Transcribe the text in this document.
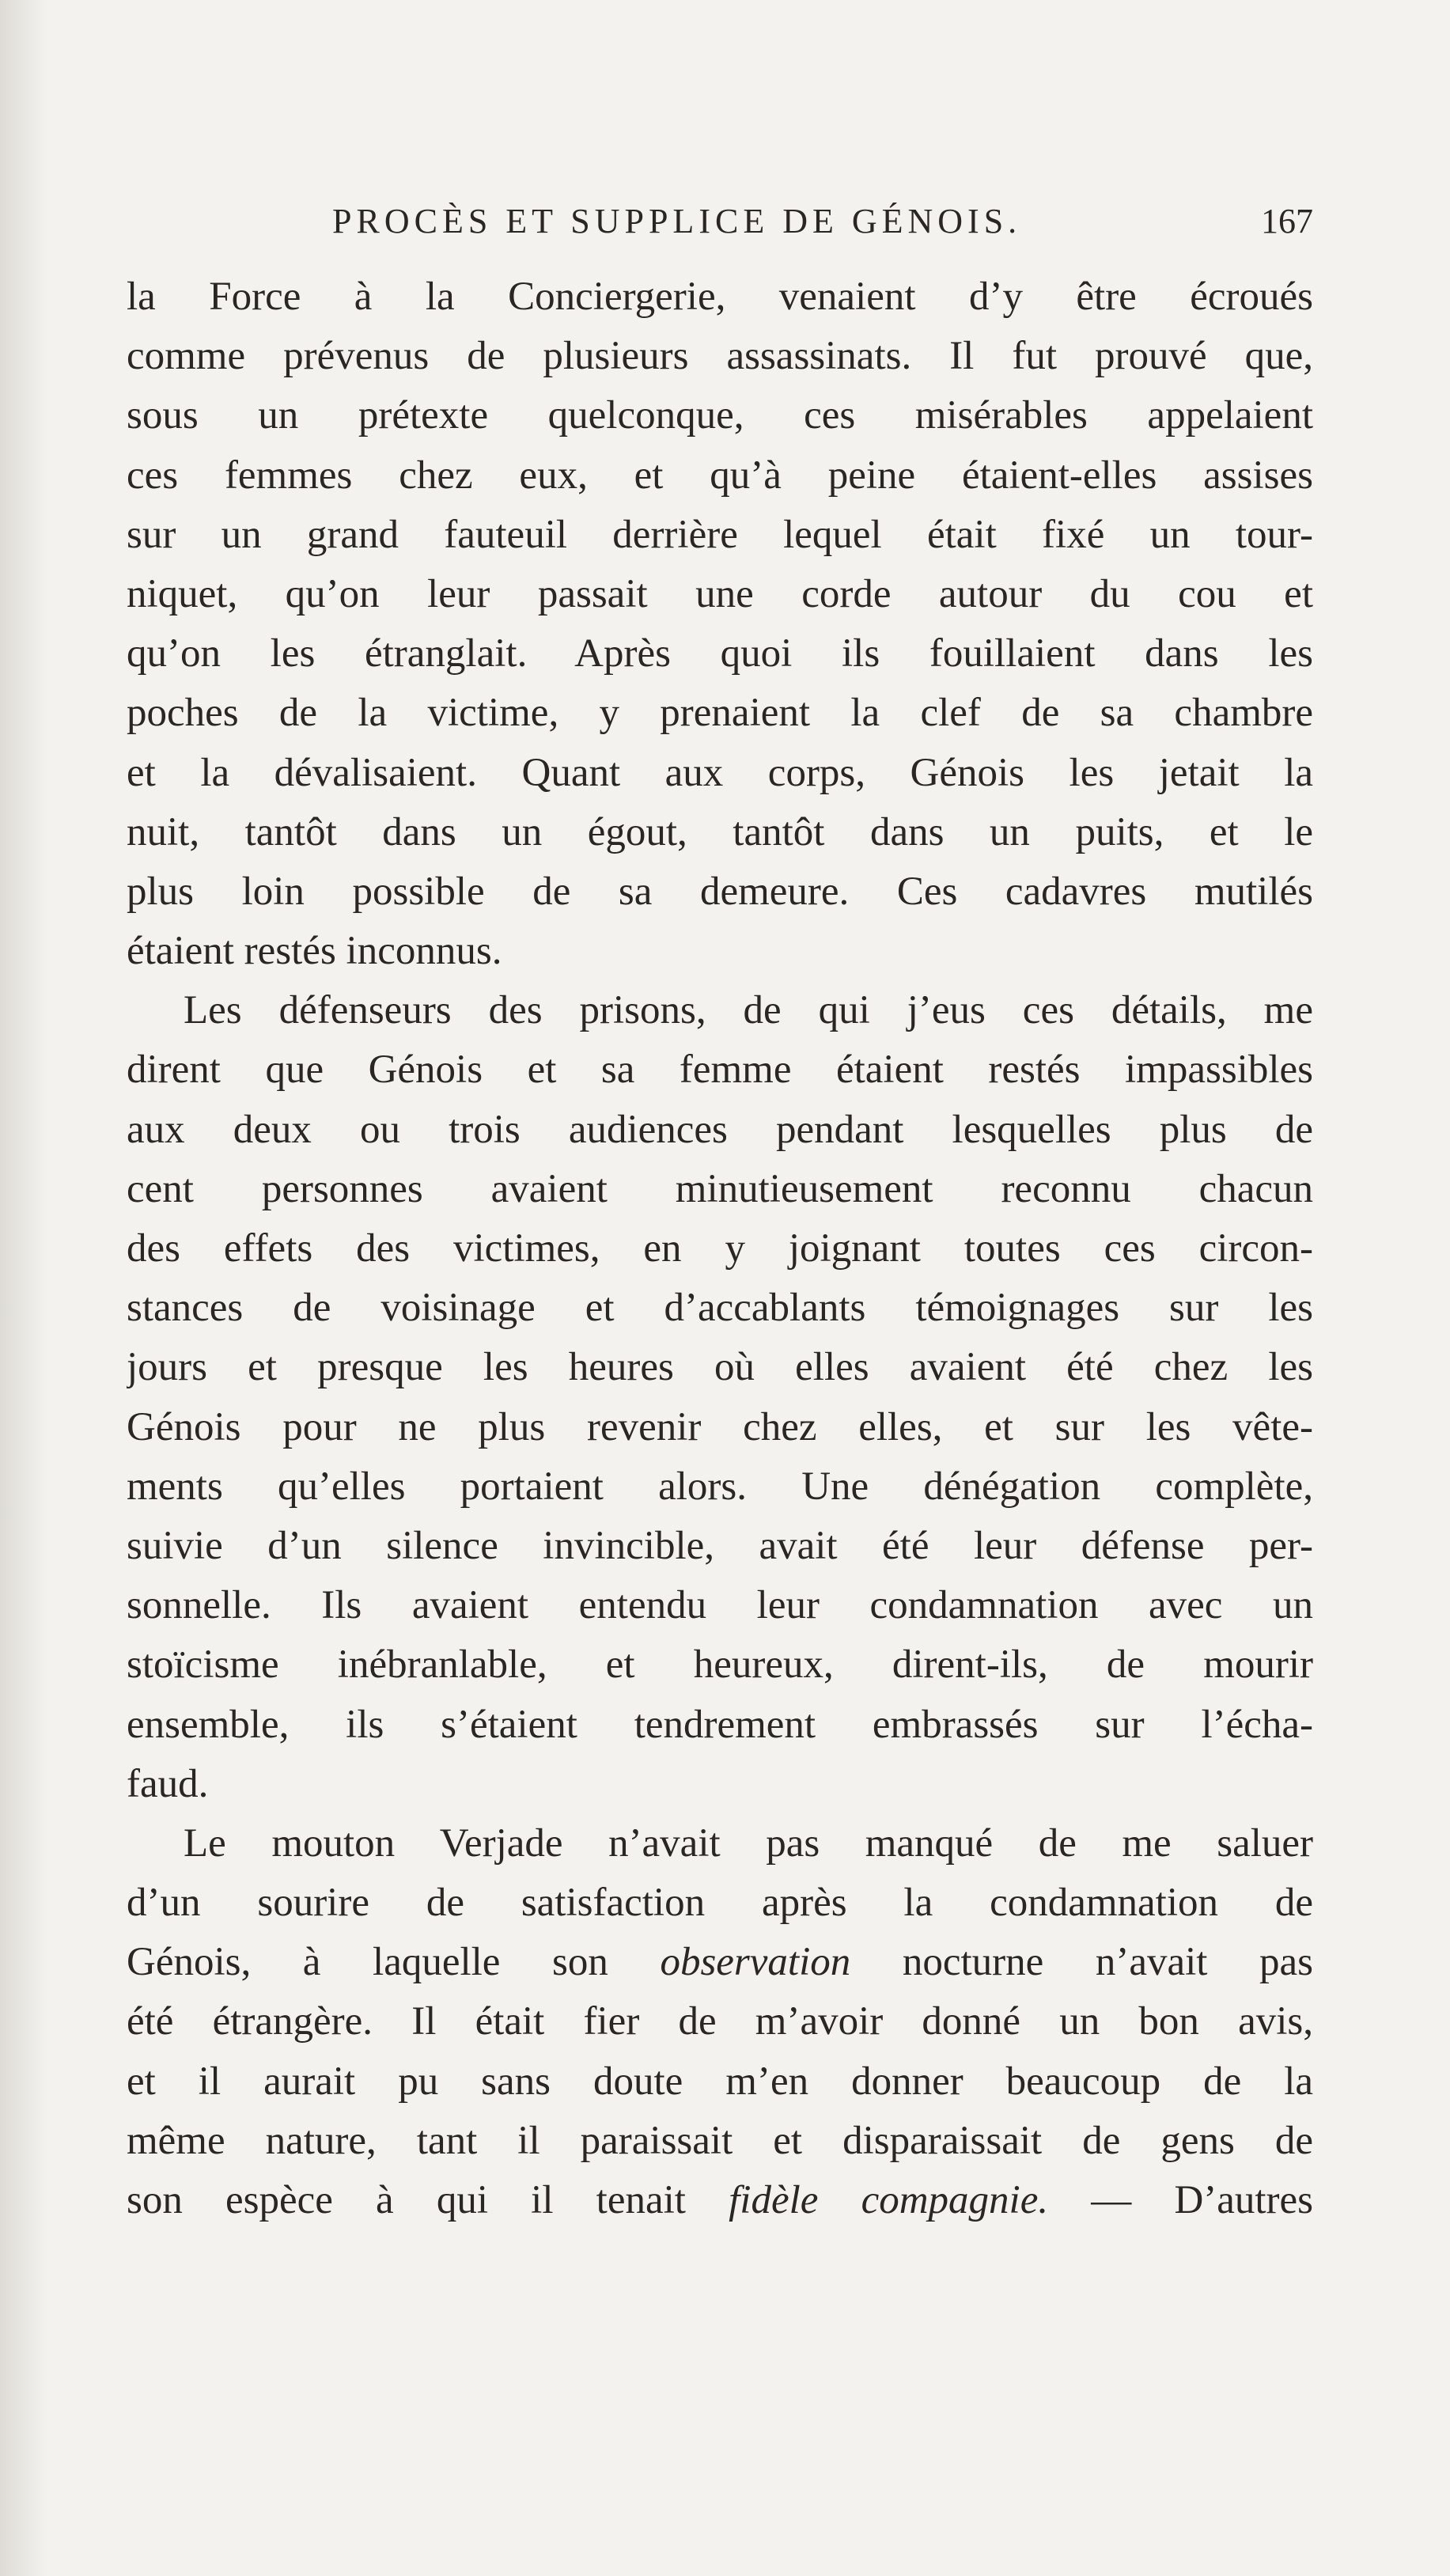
PROCÈS ET SUPPLICE DE GÉNOIS.	167
la Force à la Conciergerie, venaient d’y être écroués
comme prévenus de plusieurs assassinats. Il fut prouvé que,
sous un prétexte quelconque, ces misérables appelaient
ces femmes chez eux, et qu’à peine étaient-elles assises
sur un grand fauteuil derrière lequel était fixé un tour-
niquet, qu’on leur passait une corde autour du cou et
qu’on les étranglait. Après quoi ils fouillaient dans les
poches de la victime, y prenaient la clef de sa chambre
et la dévalisaient. Quant aux corps, Génois les jetait la
nuit, tantôt dans un égout, tantôt dans un puits, et le
plus loin possible de sa demeure. Ces cadavres mutilés
étaient restés inconnus.
Les défenseurs des prisons, de qui j’eus ces détails, me
dirent que Génois et sa femme étaient restés impassibles
aux deux ou trois audiences pendant lesquelles plus de
cent personnes avaient minutieusement reconnu chacun
des effets des victimes, en y joignant toutes ces circon-
stances de voisinage et d’accablants témoignages sur les
jours et presque les heures où elles avaient été chez les
Génois pour ne plus revenir chez elles, et sur les vête-
ments qu’elles portaient alors. Une dénégation complète,
suivie d’un silence invincible, avait été leur défense per-
sonnelle. Ils avaient entendu leur condamnation avec un
stoïcisme inébranlable, et heureux, dirent-ils, de mourir
ensemble, ils s’étaient tendrement embrassés sur l’écha-
faud.
Le mouton Verjade n’avait pas manqué de me saluer
d’un sourire de satisfaction après la condamnation de
Génois, à laquelle son observation nocturne n’avait pas
été étrangère. Il était fier de m’avoir donné un bon avis,
et il aurait pu sans doute m’en donner beaucoup de la
même nature, tant il paraissait et disparaissait de gens de
son espèce à qui il tenait fidèle compagnie. — D’autres
